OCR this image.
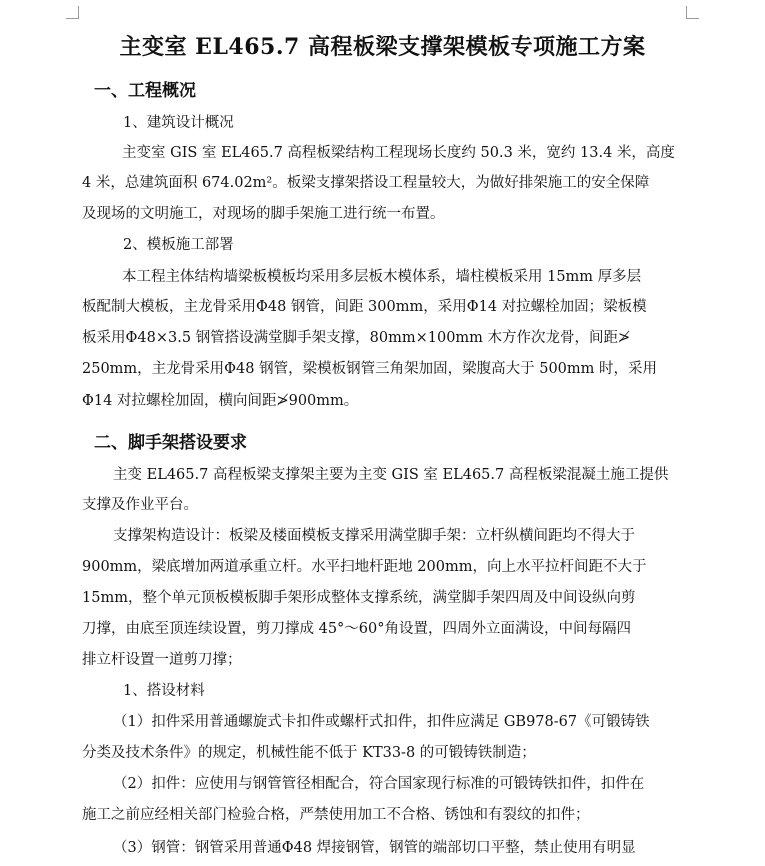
主变室 EL465.7 高程板梁支撑架模板专项施工方案
一、工程概况
1、建筑设计概况
主变室 GIS 室 EL465.7 高程板梁结构工程现场长度约 50.3 米，宽约 13.4 米，高度
4 米，总建筑面积 674.02m²。板梁支撑架搭设工程量较大，为做好排架施工的安全保障
及现场的文明施工，对现场的脚手架施工进行统一布置。
2、模板施工部署
本工程主体结构墙梁板模板均采用多层板木模体系，墙柱模板采用 15mm 厚多层
板配制大模板，主龙骨采用Φ48 钢管，间距 300mm，采用Φ14 对拉螺栓加固；梁板模
板采用Φ48×3.5 钢管搭设满堂脚手架支撑，80mm×100mm 木方作次龙骨，间距≯
250mm，主龙骨采用Φ48 钢管，梁模板钢管三角架加固，梁腹高大于 500mm 时，采用
Φ14 对拉螺栓加固，横向间距≯900mm。
二、脚手架搭设要求
主变 EL465.7 高程板梁支撑架主要为主变 GIS 室 EL465.7 高程板梁混凝土施工提供
支撑及作业平台。
支撑架构造设计：板梁及楼面模板支撑采用满堂脚手架：立杆纵横间距均不得大于
900mm，梁底增加两道承重立杆。水平扫地杆距地 200mm，向上水平拉杆间距不大于
15mm，整个单元顶板模板脚手架形成整体支撑系统，满堂脚手架四周及中间设纵向剪
刀撑，由底至顶连续设置，剪刀撑成 45°～60°角设置，四周外立面满设，中间每隔四
排立杆设置一道剪刀撑；
1、搭设材料
（1）扣件采用普通螺旋式卡扣件或螺杆式扣件，扣件应满足 GB978-67《可锻铸铁
分类及技术条件》的规定，机械性能不低于 KT33-8 的可锻铸铁制造；
（2）扣件：应使用与钢管管径相配合，符合国家现行标准的可锻铸铁扣件，扣件在
施工之前应经相关部门检验合格，严禁使用加工不合格、锈蚀和有裂纹的扣件；
（3）钢管：钢管采用普通Φ48 焊接钢管，钢管的端部切口平整，禁止使用有明显
